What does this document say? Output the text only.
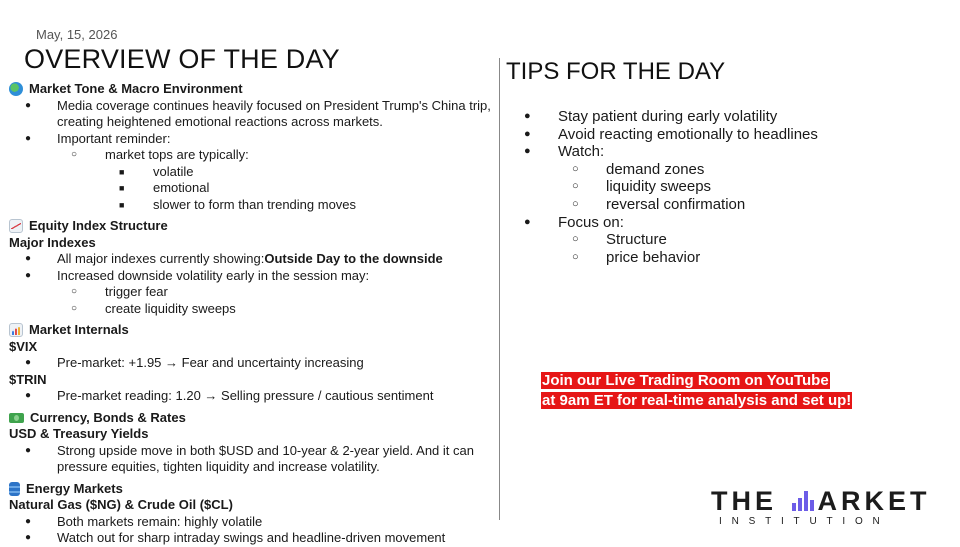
May, 15, 2026
OVERVIEW OF THE DAY	TIPS FOR THE DAY
Market Tone & Macro Environment
●	Media coverage continues heavily focused on President Trump's China trip, creating heightened emotional reactions across markets.
●	Important reminder:
○	market tops are typically:
■	volatile
■	emotional
■	slower to form than trending moves
Equity Index Structure
Major Indexes
●	All major indexes currently showing:Outside Day to the downside
●	Increased downside volatility early in the session may:
○	trigger fear
○	create liquidity sweeps
Market Internals
$VIX
●	Pre-market: +1.95 → Fear and uncertainty increasing
$TRIN
●	Pre-market reading: 1.20 → Selling pressure / cautious sentiment
Currency, Bonds & Rates
USD & Treasury Yields
●	Strong upside move in both $USD and 10-year & 2-year yield. And it can pressure equities, tighten liquidity and increase volatility.
Energy Markets
Natural Gas ($NG) & Crude Oil ($CL)
●	Both markets remain: highly volatile
●	Watch out for sharp intraday swings and headline-driven movement
●	Stay patient during early volatility
●	Avoid reacting emotionally to headlines
●	Watch:
○	demand zones
○	liquidity sweeps
○	reversal confirmation
●	Focus on:
○	Structure
○	price behavior
Join our Live Trading Room on YouTube
at 9am ET for real-time analysis and set up!
THE ARKET
INSTITUTION
